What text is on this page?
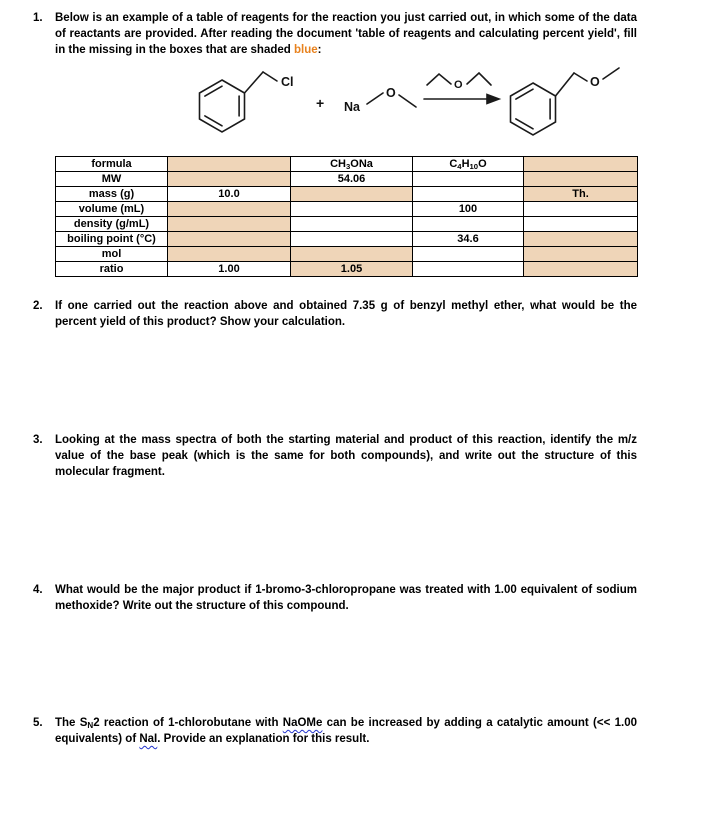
1.	Below is an example of a table of reagents for the reaction you just carried out, in which some of the data of reactants are provided. After reading the document 'table of reagents and calculating percent yield', fill in the missing in the boxes that are shaded blue:
Cl
+ Na
O
O	O
formula		$CH_3ONa$	$C_4H_{10}O$	
MW		54.06		
mass (g)	10.0			Th.
volume (mL)			100	
density (g/mL)				
boiling point (°C)			34.6	
mol				
ratio	1.00	1.05		
2.	If one carried out the reaction above and obtained 7.35 g of benzyl methyl ether, what would be the percent yield of this product? Show your calculation.
3.	Looking at the mass spectra of both the starting material and product of this reaction, identify the m/z value of the base peak (which is the same for both compounds), and write out the structure of this molecular fragment.
4.	What would be the major product if 1-bromo-3-chloropropane was treated with 1.00 equivalent of sodium methoxide? Write out the structure of this compound.
5.	The $S_N2$ reaction of 1-chlorobutane with NaOMe can be increased by adding a catalytic amount (<< 1.00 equivalents) of NaI. Provide an explanation for this result.
